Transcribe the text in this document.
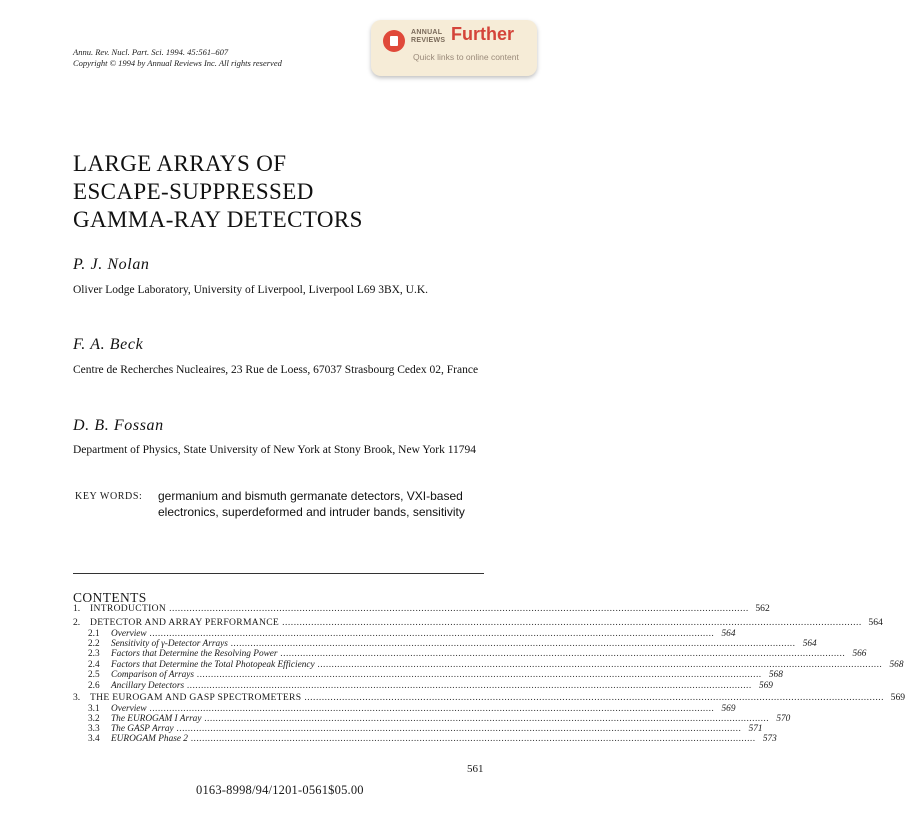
Annu. Rev. Nucl. Part. Sci. 1994. 45:561–607
Copyright © 1994 by Annual Reviews Inc. All rights reserved
ANNUAL
REVIEWS Further
Quick links to online content
LARGE ARRAYS OF
ESCAPE-SUPPRESSED
GAMMA-RAY DETECTORS
P. J. Nolan
Oliver Lodge Laboratory, University of Liverpool, Liverpool L69 3BX, U.K.
F. A. Beck
Centre de Recherches Nucleaires, 23 Rue de Loess, 67037 Strasbourg Cedex 02, France
D. B. Fossan
Department of Physics, State University of New York at Stony Brook, New York 11794
KEY WORDS: germanium and bismuth germanate detectors, VXI-based electronics, superdeformed and intruder bands, sensitivity
CONTENTS
1.	INTRODUCTION ........................................................................................................................................................................................................ 562
2.	DETECTOR AND ARRAY PERFORMANCE ........................................................................................................................................................................................................ 564
2.1	Overview ........................................................................................................................................................................................................ 564
2.2	Sensitivity of γ-Detector Arrays ........................................................................................................................................................................................................ 564
2.3	Factors that Determine the Resolving Power ........................................................................................................................................................................................................ 566
2.4	Factors that Determine the Total Photopeak Efficiency ........................................................................................................................................................................................................ 568
2.5	Comparison of Arrays ........................................................................................................................................................................................................ 568
2.6	Ancillary Detectors ........................................................................................................................................................................................................ 569
3.	THE EUROGAM AND GASP SPECTROMETERS ........................................................................................................................................................................................................ 569
3.1	Overview ........................................................................................................................................................................................................ 569
3.2	The EUROGAM I Array ........................................................................................................................................................................................................ 570
3.3	The GASP Array ........................................................................................................................................................................................................ 571
3.4	EUROGAM Phase 2 ........................................................................................................................................................................................................ 573
561
0163-8998/94/1201-0561$05.00
